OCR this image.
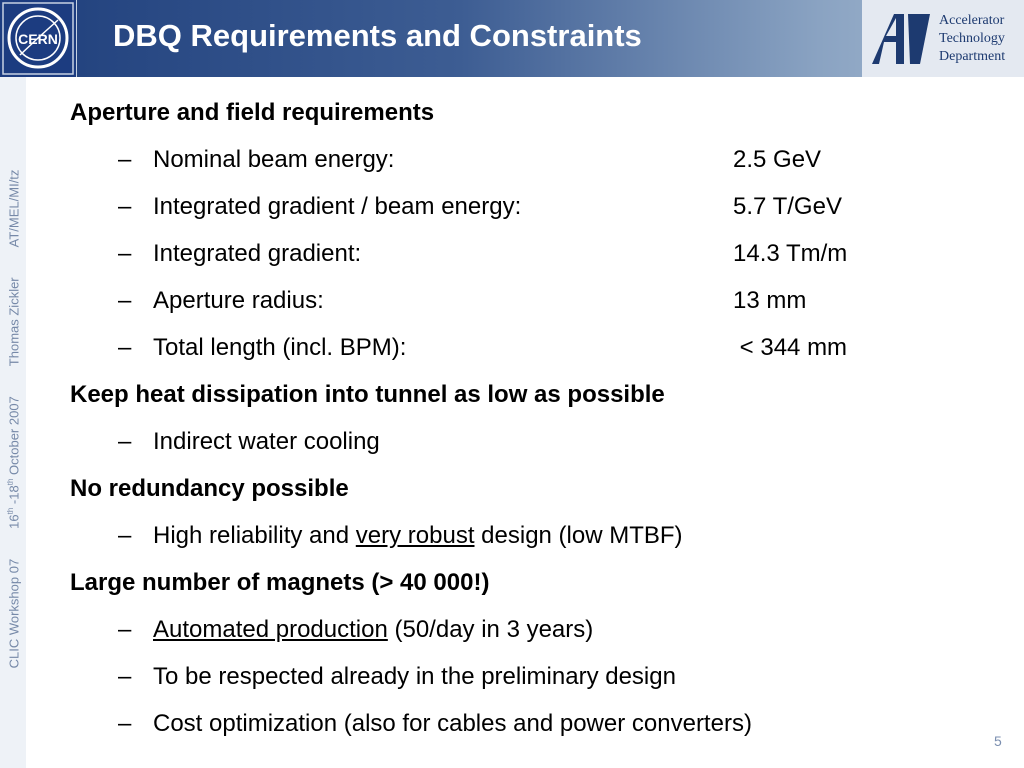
CERN DBQ Requirements and Constraints	Accelerator
Technology
Department
CLIC Workshop 0716th -18th October 2007Thomas ZicklerAT/MEL/MI/tz
Aperture and field requirements
– Nominal beam energy:	2.5 GeV
– Integrated gradient / beam energy:	5.7 T/GeV
– Integrated gradient:	14.3 Tm/m
– Aperture radius:	13 mm
– Total length (incl. BPM):	< 344 mm
Keep heat dissipation into tunnel as low as possible
– Indirect water cooling
No redundancy possible
– High reliability and very robust design (low MTBF)
Large number of magnets (> 40 000!)
– Automated production (50/day in 3 years)
– To be respected already in the preliminary design
– Cost optimization (also for cables and power converters)
5
